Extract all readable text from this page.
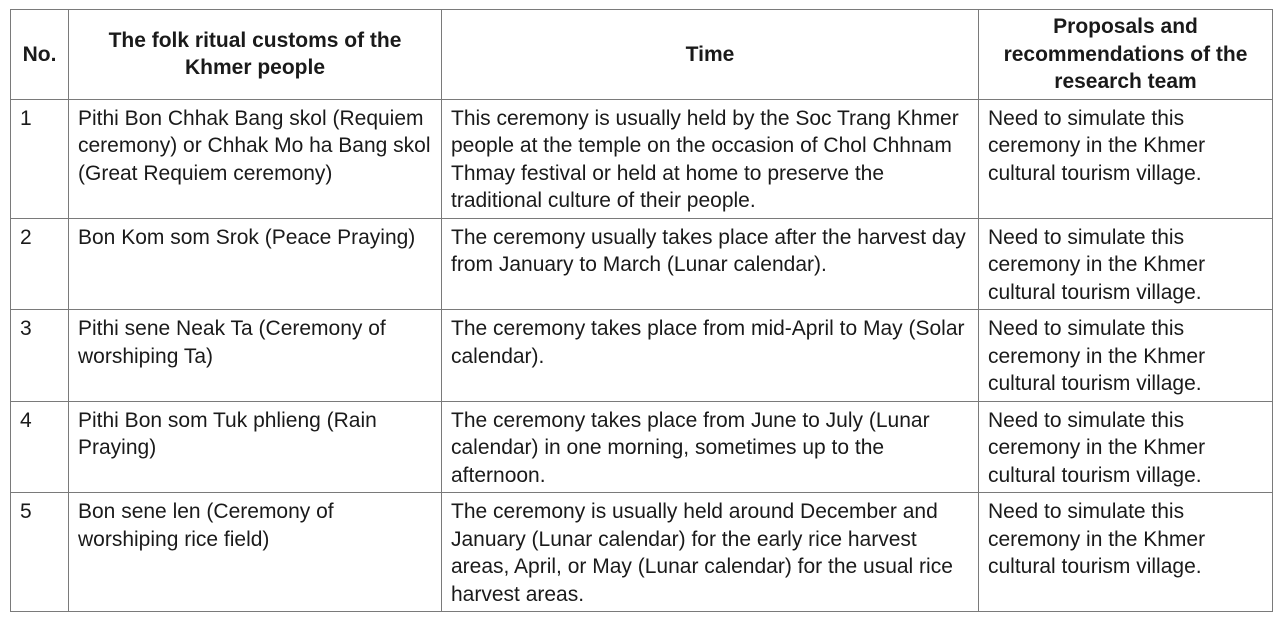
No.	The folk ritual customs of the Khmer people	Time	Proposals and recommendations of the research team
1	Pithi Bon Chhak Bang skol (Requiem ceremony) or Chhak Mo ha Bang skol (Great Requiem ceremony)	This ceremony is usually held by the Soc Trang Khmer people at the temple on the occasion of Chol Chhnam Thmay festival or held at home to preserve the traditional culture of their people.	Need to simulate this ceremony in the Khmer cultural tourism village.
2	Bon Kom som Srok (Peace Praying)	The ceremony usually takes place after the harvest day from January to March (Lunar calendar).	Need to simulate this ceremony in the Khmer cultural tourism village.
3	Pithi sene Neak Ta (Ceremony of worshiping Ta)	The ceremony takes place from mid-April to May (Solar calendar).	Need to simulate this ceremony in the Khmer cultural tourism village.
4	Pithi Bon som Tuk phlieng (Rain Praying)	The ceremony takes place from June to July (Lunar calendar) in one morning, sometimes up to the afternoon.	Need to simulate this ceremony in the Khmer cultural tourism village.
5	Bon sene len (Ceremony of worshiping rice field)	The ceremony is usually held around December and January (Lunar calendar) for the early rice harvest areas, April, or May (Lunar calendar) for the usual rice harvest areas.	Need to simulate this ceremony in the Khmer cultural tourism village.
